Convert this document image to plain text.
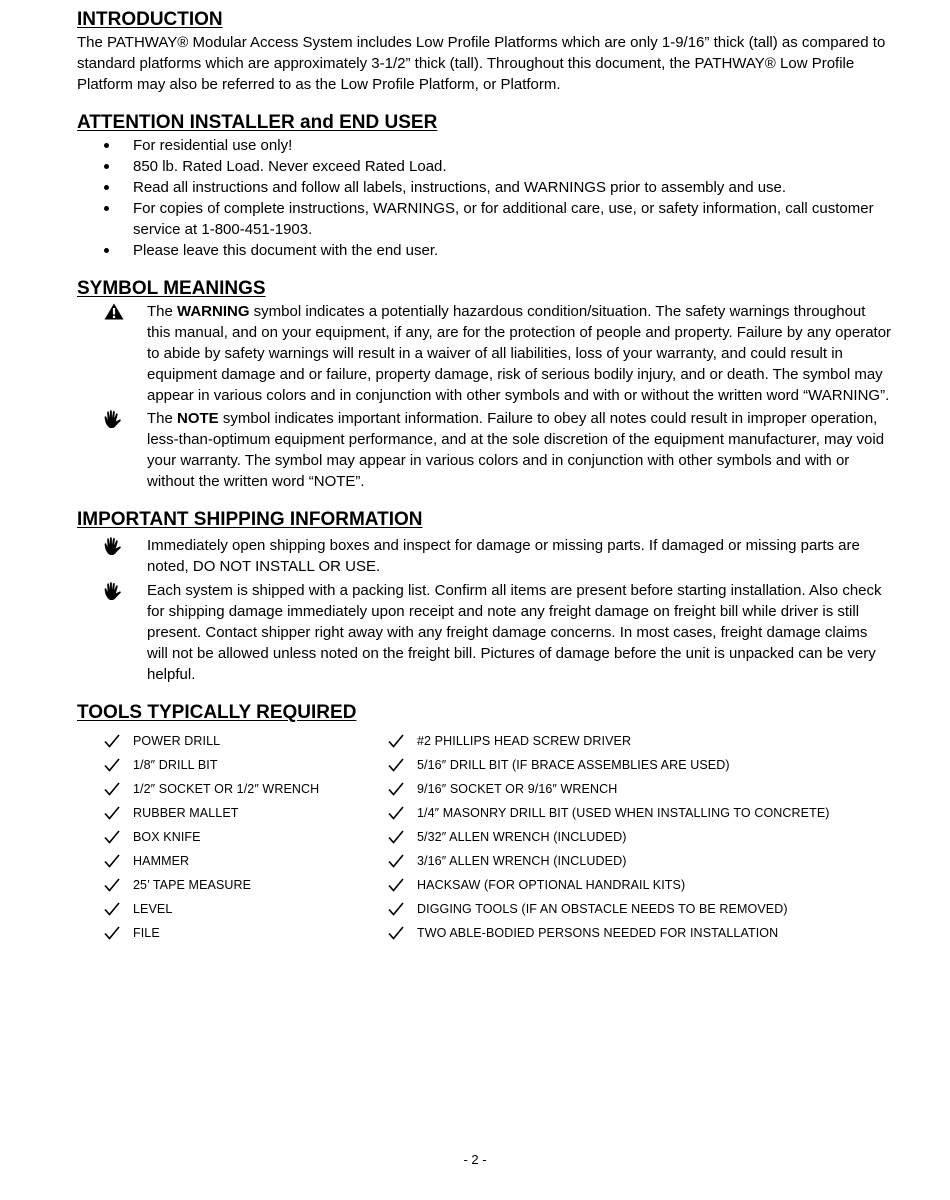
INTRODUCTION

The PATHWAY® Modular Access System includes Low Profile Platforms which are only 1-9/16” thick (tall) as compared to standard platforms which are approximately 3-1/2” thick (tall). Throughout this document, the PATHWAY® Low Profile Platform may also be referred to as the Low Profile Platform, or Platform.

ATTENTION INSTALLER and END USER
For residential use only!
850 lb. Rated Load. Never exceed Rated Load.
Read all instructions and follow all labels, instructions, and WARNINGS prior to assembly and use.
For copies of complete instructions, WARNINGS, or for additional care, use, or safety information, call customer service at 1-800-451-1903.
Please leave this document with the end user.
SYMBOL MEANINGS

The WARNING symbol indicates a potentially hazardous condition/situation. The safety warnings throughout this manual, and on your equipment, if any, are for the protection of people and property. Failure by any operator to abide by safety warnings will result in a waiver of all liabilities, loss of your warranty, and could result in equipment damage and or failure, property damage, risk of serious bodily injury, and or death. The symbol may appear in various colors and in conjunction with other symbols and with or without the written word “WARNING”.

The NOTE symbol indicates important information. Failure to obey all notes could result in improper operation, less-than-optimum equipment performance, and at the sole discretion of the equipment manufacturer, may void your warranty. The symbol may appear in various colors and in conjunction with other symbols and with or without the written word “NOTE”.

IMPORTANT SHIPPING INFORMATION

Immediately open shipping boxes and inspect for damage or missing parts. If damaged or missing parts are noted, DO NOT INSTALL OR USE.

Each system is shipped with a packing list. Confirm all items are present before starting installation. Also check for shipping damage immediately upon receipt and note any freight damage on freight bill while driver is still present. Contact shipper right away with any freight damage concerns. In most cases, freight damage claims will not be allowed unless noted on the freight bill. Pictures of damage before the unit is unpacked can be very helpful.

TOOLS TYPICALLY REQUIRED
POWER DRILL
1/8″ DRILL BIT
1/2″ SOCKET OR 1/2″ WRENCH
RUBBER MALLET
BOX KNIFE
HAMMER
25’ TAPE MEASURE
LEVEL
FILE
#2 PHILLIPS HEAD SCREW DRIVER
5/16″ DRILL BIT (IF BRACE ASSEMBLIES ARE USED)
9/16″ SOCKET OR 9/16″ WRENCH
1/4″ MASONRY DRILL BIT (USED WHEN INSTALLING TO CONCRETE)
5/32″ ALLEN WRENCH (INCLUDED)
3/16″ ALLEN WRENCH (INCLUDED)
HACKSAW (FOR OPTIONAL HANDRAIL KITS)
DIGGING TOOLS (IF AN OBSTACLE NEEDS TO BE REMOVED)
TWO ABLE-BODIED PERSONS NEEDED FOR INSTALLATION
- 2 -
